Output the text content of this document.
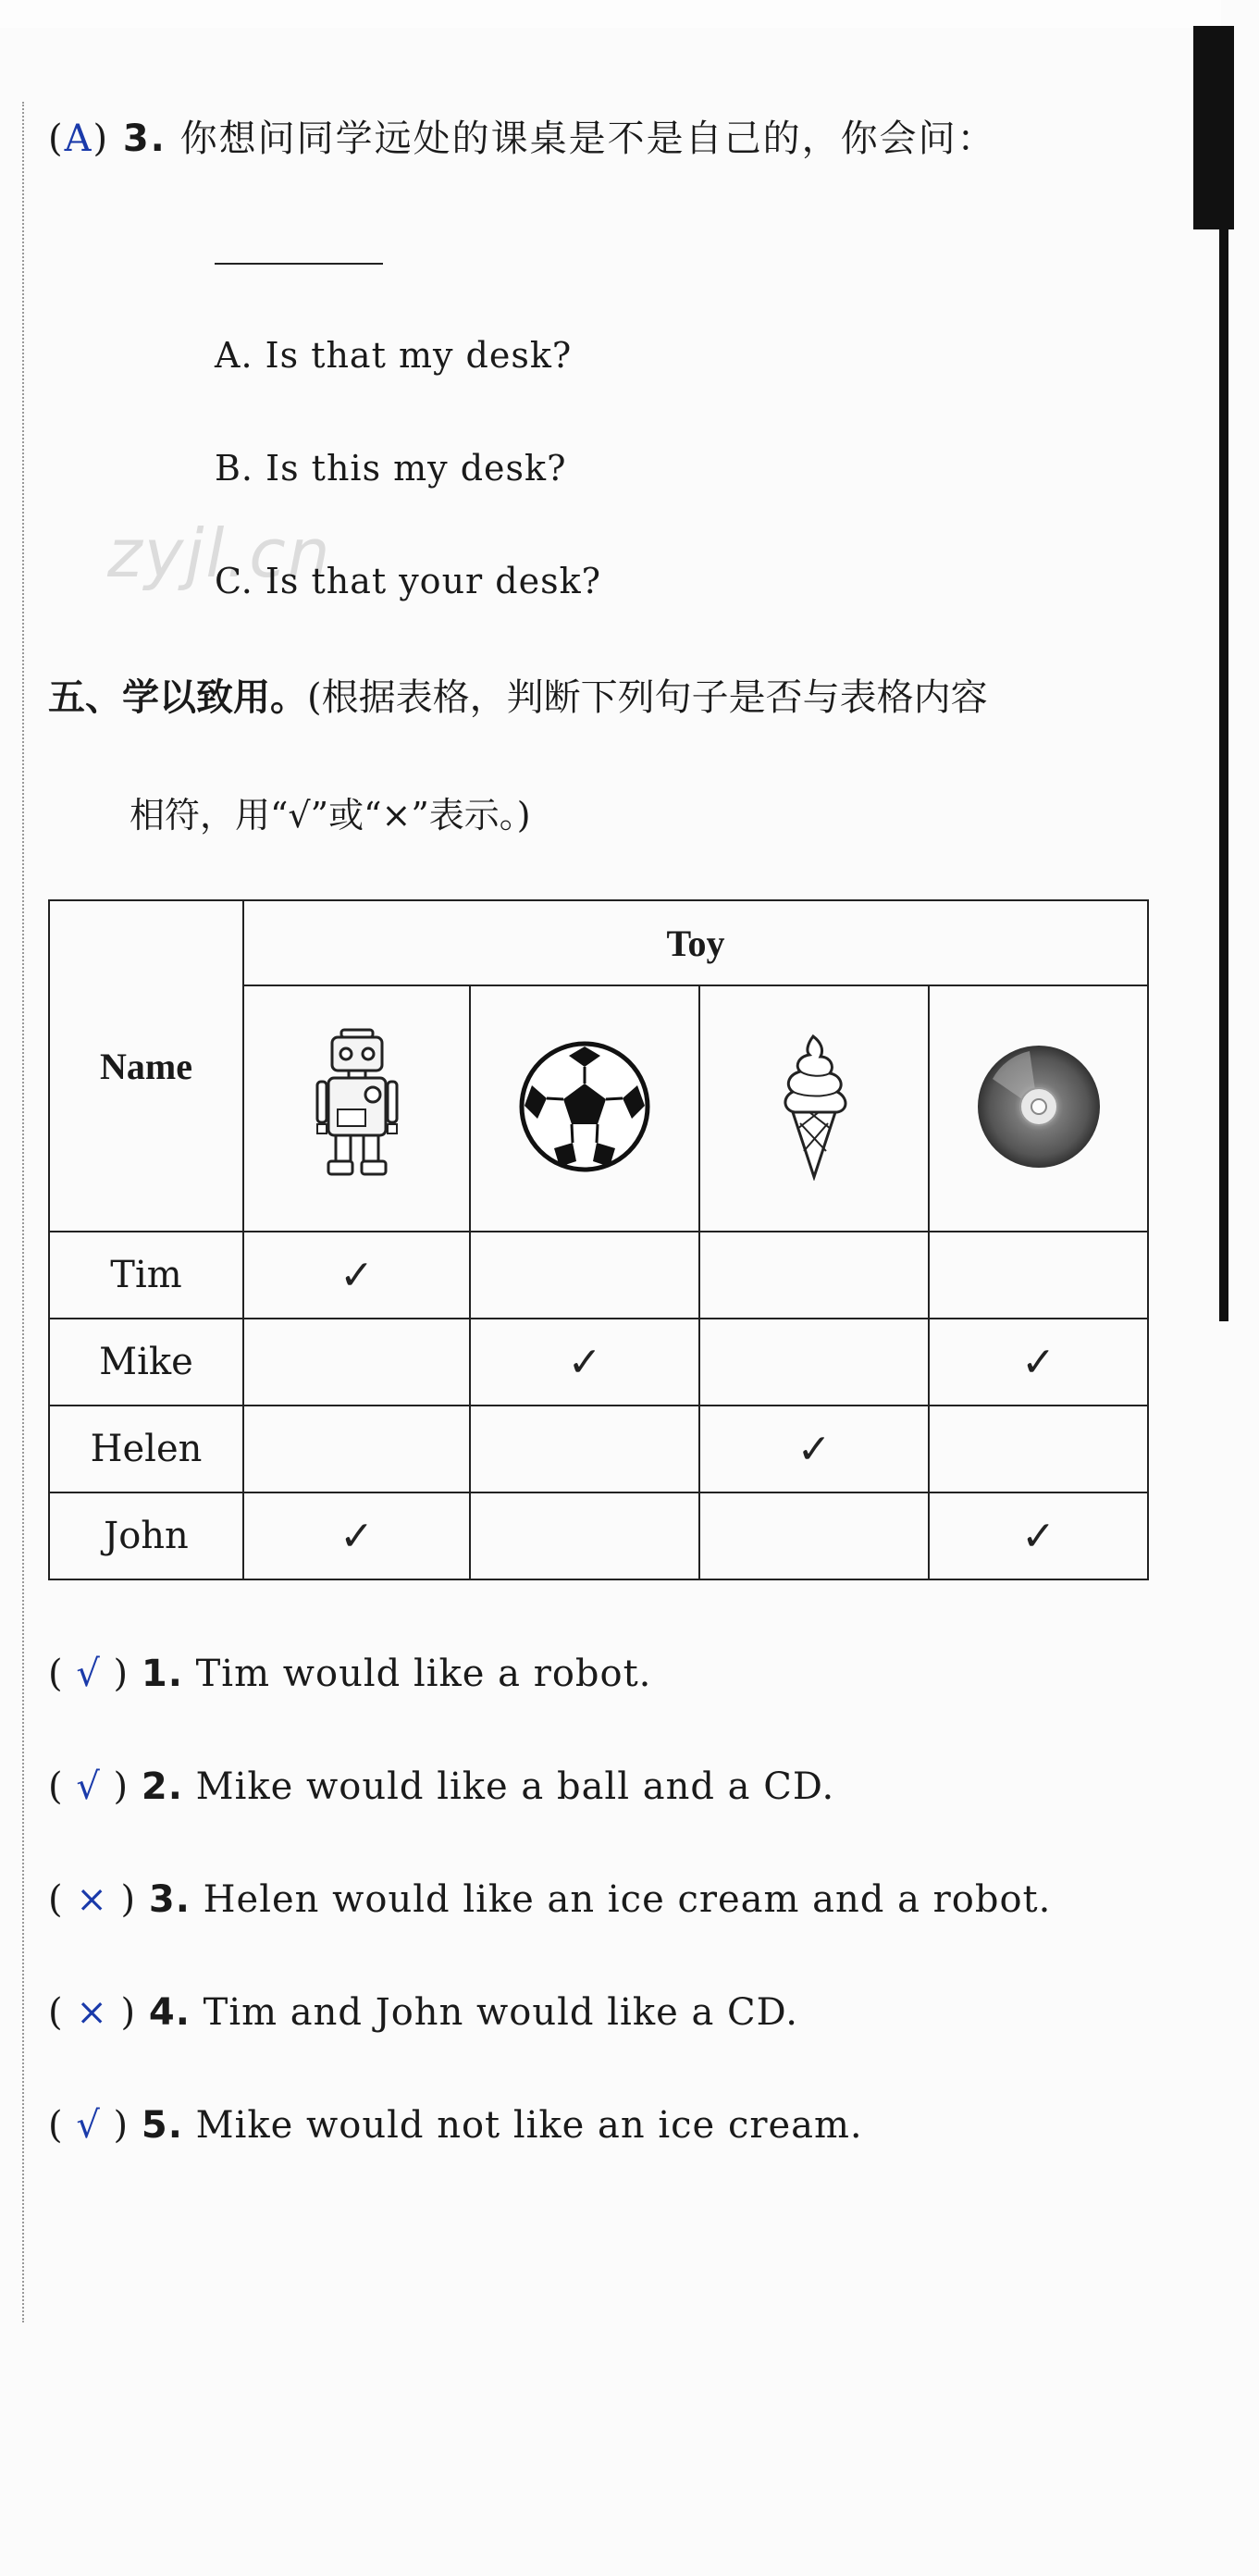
(A) 3. 你想问同学远处的课桌是不是自己的，你会问：
A. Is that my desk?
B. Is this my desk?
zyjl.cn
C. Is that your desk?
五、学以致用。(根据表格，判断下列句子是否与表格内容
相符，用“√”或“×”表示。)
Name	Toy			

Tim	✓			
Mike		✓		✓
Helen			✓	
John	✓			✓
( √ ) 1. Tim would like a robot.
( √ ) 2. Mike would like a ball and a CD.
( × ) 3. Helen would like an ice cream and a robot.
( × ) 4. Tim and John would like a CD.
( √ ) 5. Mike would not like an ice cream.
